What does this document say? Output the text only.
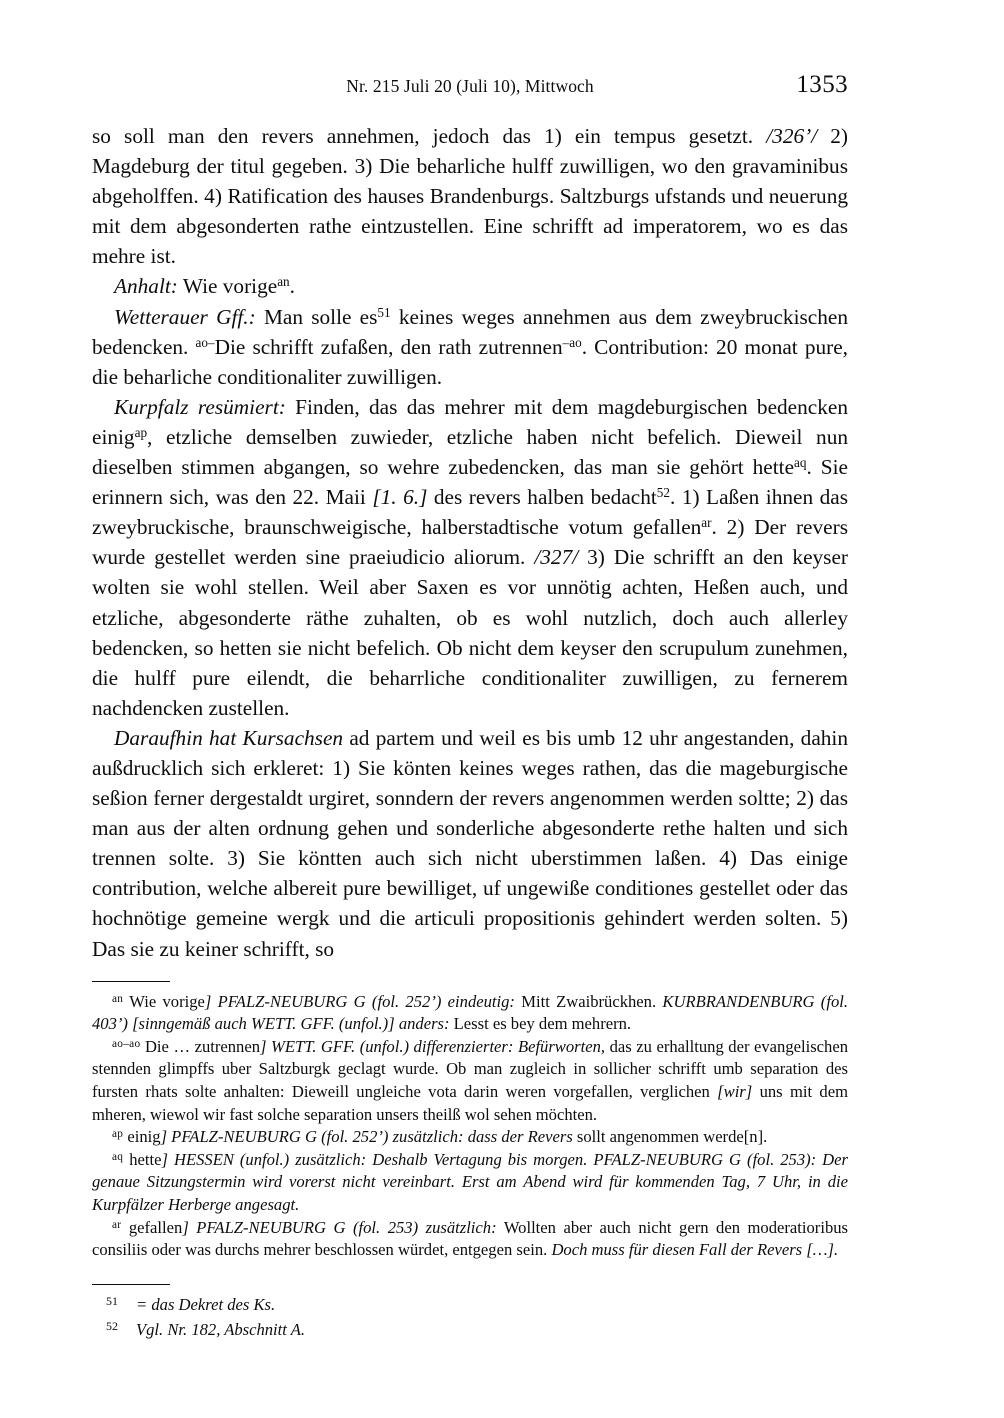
Nr. 215 Juli 20 (Juli 10), Mittwoch	1353

so soll man den revers annehmen, jedoch das 1) ein tempus gesetzt. /326’/ 2) Magdeburg der titul gegeben. 3) Die beharliche hulff zuwilligen, wo den gravaminibus abgeholffen. 4) Ratification des hauses Brandenburgs. Saltzburgs ufstands und neuerung mit dem abgesonderten rathe eintzustellen. Eine schrifft ad imperatorem, wo es das mehre ist.

Anhalt: Wie vorige$^{an}$.

Wetterauer Gff.: Man solle $es^{51}$ keines weges annehmen aus dem zweybruckischen bedencken. $^{ao-}$Die schrifft zufaßen, den rath zutrennen$^{-ao}$. Contribution: 20 monat pure, die beharliche conditionaliter zuwilligen.

Kurpfalz resümiert: Finden, das das mehrer mit dem magdeburgischen bedencken einig$^{ap}$, etzliche demselben zuwieder, etzliche haben nicht befelich. Dieweil nun dieselben stimmen abgangen, so wehre zubedencken, das man sie gehört hette$^{aq}$. Sie erinnern sich, was den 22. Maii [1. 6.] des revers halben bedacht$^{52}$. 1) Laßen ihnen das zweybruckische, braunschweigische, halberstadtische votum gefallen$^{ar}$. 2) Der revers wurde gestellet werden sine praeiudicio aliorum. /327/ 3) Die schrifft an den keyser wolten sie wohl stellen. Weil aber Saxen es vor unnötig achten, Heßen auch, und etzliche, abgesonderte räthe zuhalten, ob es wohl nutzlich, doch auch allerley bedencken, so hetten sie nicht befelich. Ob nicht dem keyser den scrupulum zunehmen, die hulff pure eilendt, die beharrliche conditionaliter zuwilligen, zu fernerem nachdencken zustellen.

Daraufhin hat Kursachsen ad partem und weil es bis umb 12 uhr angestanden, dahin außdrucklich sich erkleret: 1) Sie könten keines weges rathen, das die mageburgische seßion ferner dergestaldt urgiret, sonndern der revers angenommen werden soltte; 2) das man aus der alten ordnung gehen und sonderliche abgesonderte rethe halten und sich trennen solte. 3) Sie köntten auch sich nicht uberstimmen laßen. 4) Das einige contribution, welche albereit pure bewilliget, uf ungewiße conditiones gestellet oder das hochnötige gemeine wergk und die articuli propositionis gehindert werden solten. 5) Das sie zu keiner schrifft, so

$^{an}$ Wie vorige] PFALZ-NEUBURG G (fol. 252’) eindeutig: Mitt Zwaibrückhen. KURBRANDENBURG (fol. 403’) [sinngemäß auch WETT. GFF. (unfol.)] anders: Lesst es bey dem mehrern.

$^{ao-ao}$ Die … zutrennen] WETT. GFF. (unfol.) differenzierter: Befürworten, das zu erhalltung der evangelischen stennden glimpffs uber Saltzburgk geclagt wurde. Ob man zugleich in sollicher schrifft umb separation des fursten rhats solte anhalten: Dieweill ungleiche vota darin weren vorgefallen, verglichen [wir] uns mit dem mheren, wiewol wir fast solche separation unsers theilß wol sehen möchten.

$^{ap}$ einig] PFALZ-NEUBURG G (fol. 252’) zusätzlich: dass der Revers sollt angenommen werde[n].

$^{aq}$ hette] HESSEN (unfol.) zusätzlich: Deshalb Vertagung bis morgen. PFALZ-NEUBURG G (fol. 253): Der genaue Sitzungstermin wird vorerst nicht vereinbart. Erst am Abend wird für kommenden Tag, 7 Uhr, in die Kurpfälzer Herberge angesagt.

$^{ar}$ gefallen] PFALZ-NEUBURG G (fol. 253) zusätzlich: Wollten aber auch nicht gern den moderatioribus consiliis oder was durchs mehrer beschlossen würdet, entgegen sein. Doch muss für diesen Fall der Revers […].

51	= das Dekret des Ks.
52	Vgl. Nr. 182, Abschnitt A.
